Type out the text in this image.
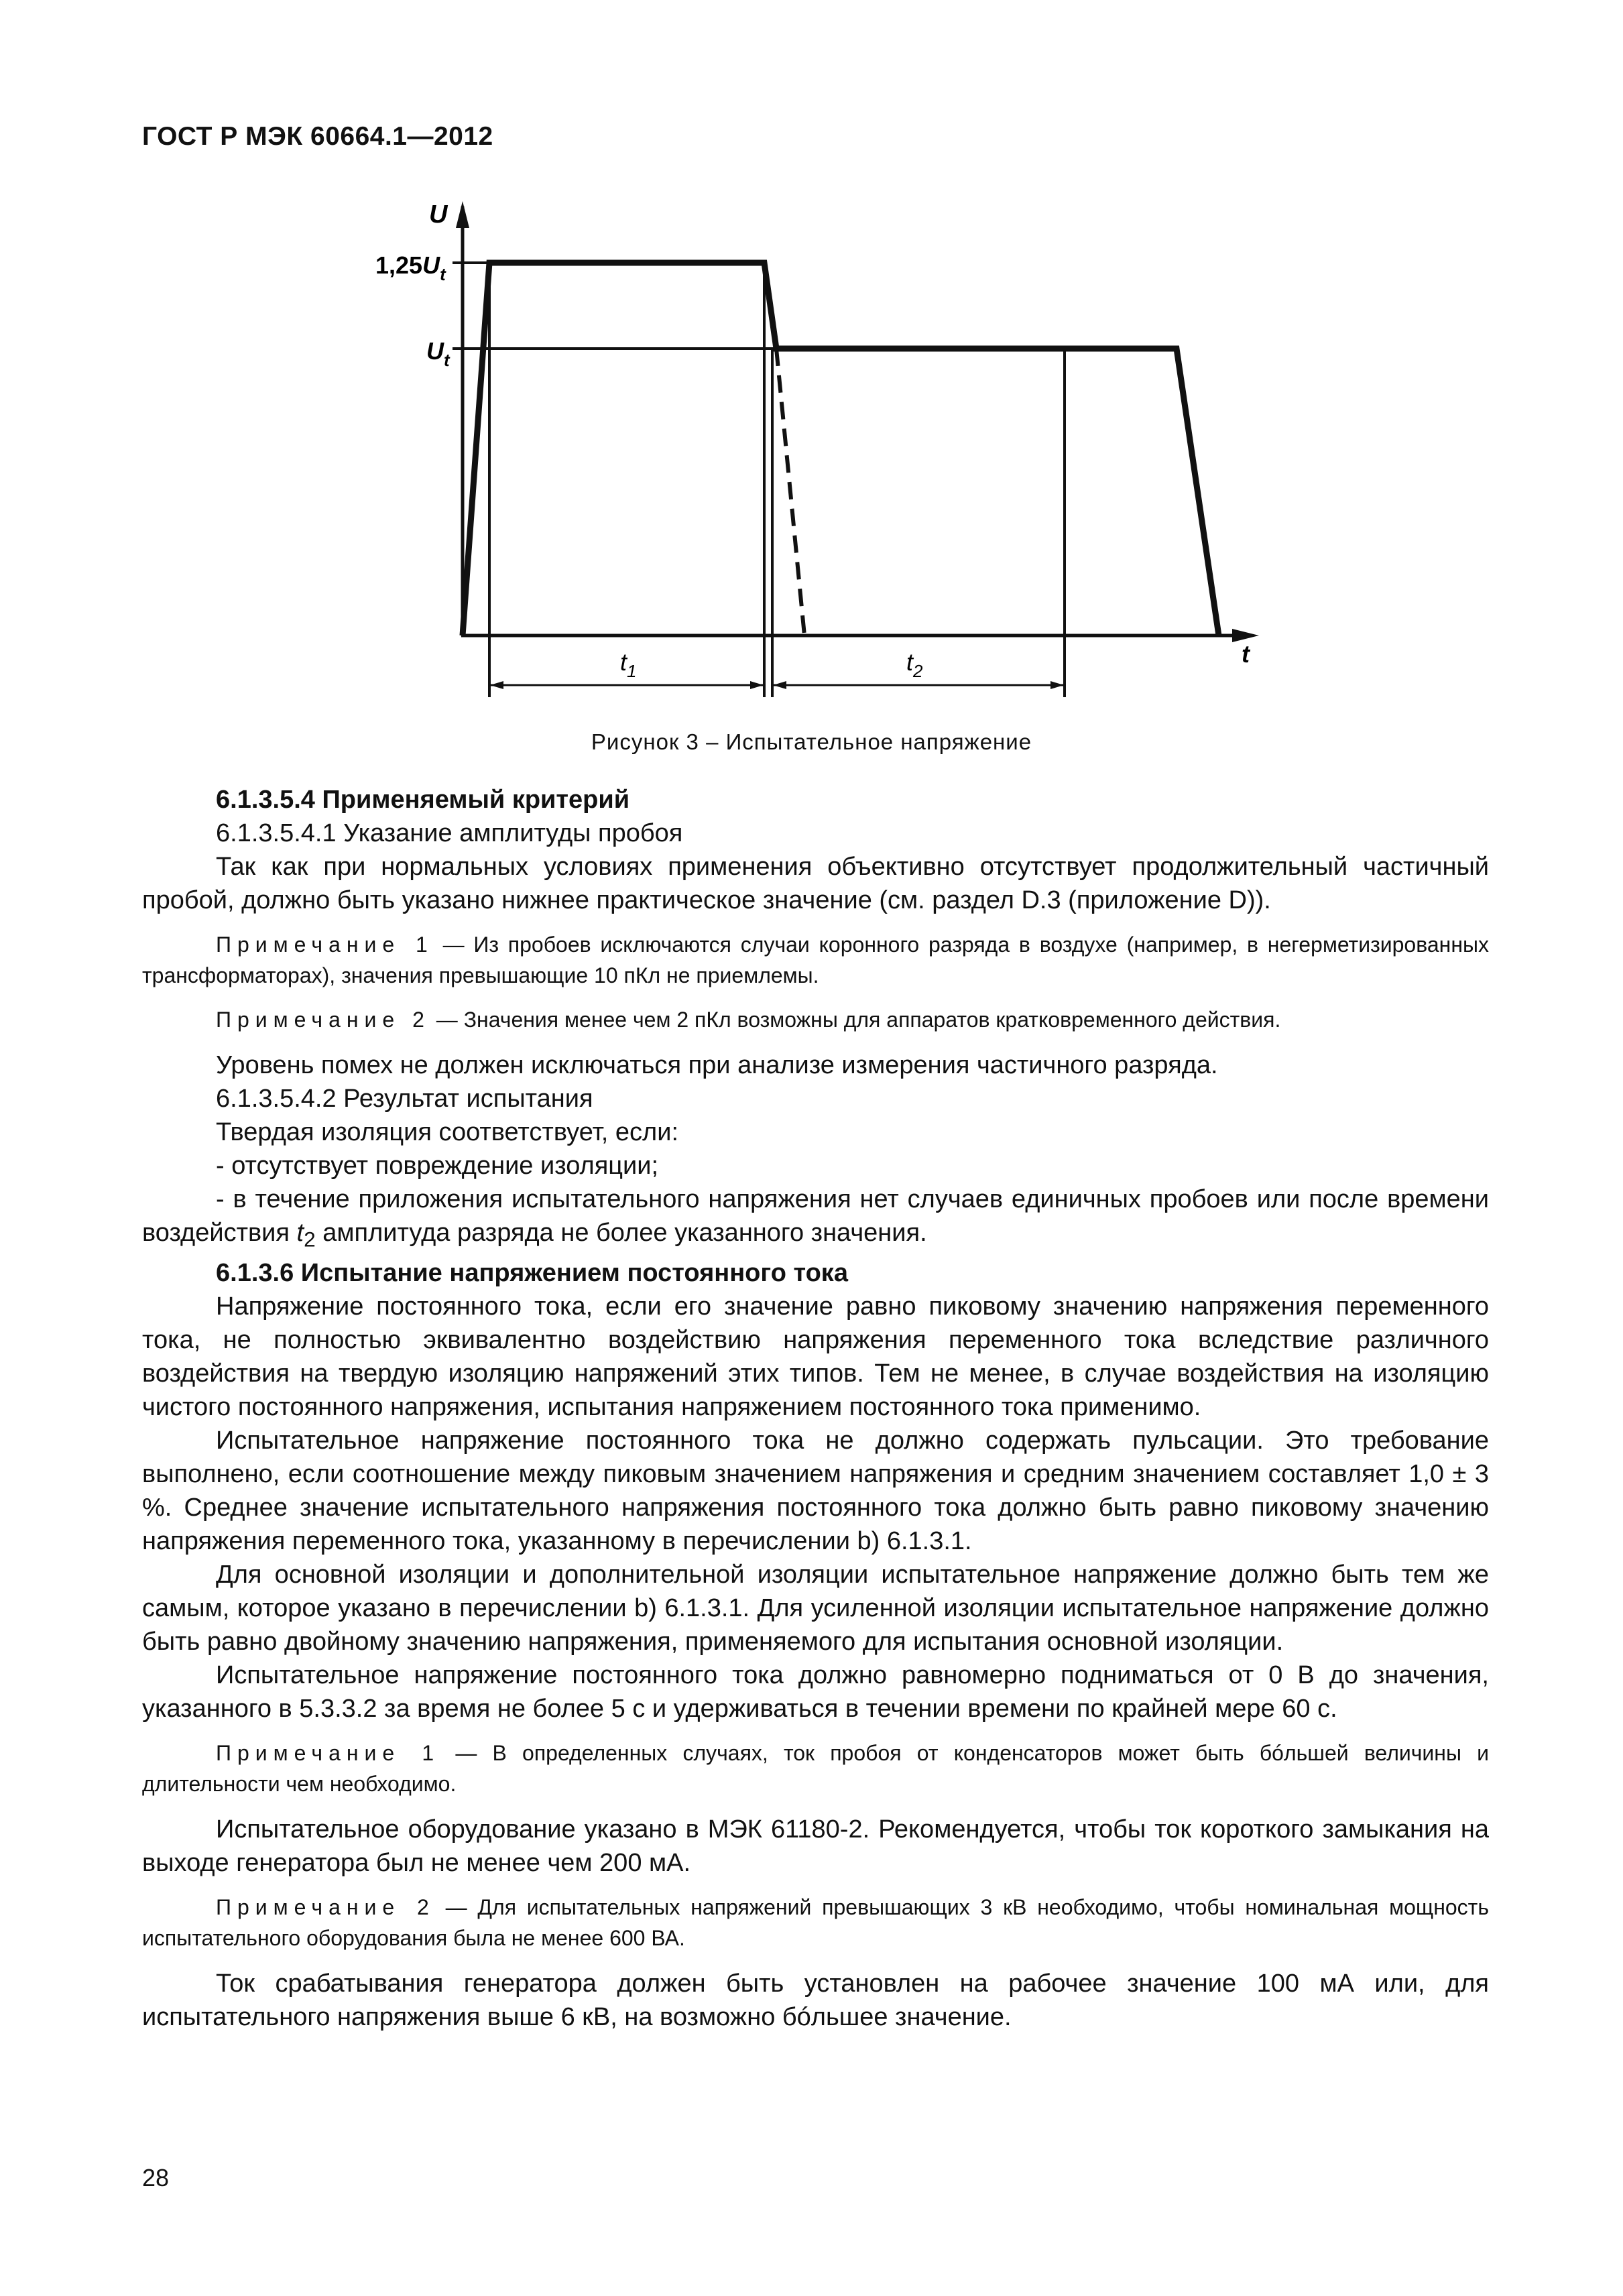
ГОСТ Р МЭК 60664.1—2012
U
$1,25U_t$
$U_t$
$t_1$	$t_2$
t
Рисунок 3 – Испытательное напряжение

6.1.3.5.4 Применяемый критерий

6.1.3.5.4.1 Указание амплитуды пробоя

Так как при нормальных условиях применения объективно отсутствует продолжительный частичный пробой, должно быть указано нижнее практическое значение (см. раздел D.3 (приложение D)).

Примечание 1 — Из пробоев исключаются случаи коронного разряда в воздухе (например, в негерметизированных трансформаторах), значения превышающие 10 пКл не приемлемы.

Примечание 2 — Значения менее чем 2 пКл возможны для аппаратов кратковременного действия.

Уровень помех не должен исключаться при анализе измерения частичного разряда.

6.1.3.5.4.2 Результат испытания

Твердая изоляция соответствует, если:

- отсутствует повреждение изоляции;

- в течение приложения испытательного напряжения нет случаев единичных пробоев или после времени воздействия $t_2$ амплитуда разряда не более указанного значения.

6.1.3.6 Испытание напряжением постоянного тока

Напряжение постоянного тока, если его значение равно пиковому значению напряжения переменного тока, не полностью эквивалентно воздействию напряжения переменного тока вследствие различного воздействия на твердую изоляцию напряжений этих типов. Тем не менее, в случае воздействия на изоляцию чистого постоянного напряжения, испытания напряжением постоянного тока применимо.

Испытательное напряжение постоянного тока не должно содержать пульсации. Это требование выполнено, если соотношение между пиковым значением напряжения и средним значением составляет 1,0 ± 3 %. Среднее значение испытательного напряжения постоянного тока должно быть равно пиковому значению напряжения переменного тока, указанному в перечислении b) 6.1.3.1.

Для основной изоляции и дополнительной изоляции испытательное напряжение должно быть тем же самым, которое указано в перечислении b) 6.1.3.1. Для усиленной изоляции испытательное напряжение должно быть равно двойному значению напряжения, применяемого для испытания основной изоляции.

Испытательное напряжение постоянного тока должно равномерно подниматься от 0 В до значения, указанного в 5.3.3.2 за время не более 5 с и удерживаться в течении времени по крайней мере 60 с.

Примечание 1 — В определенных случаях, ток пробоя от конденсаторов может быть бóльшей величины и длительности чем необходимо.

Испытательное оборудование указано в МЭК 61180-2. Рекомендуется, чтобы ток короткого замыкания на выходе генератора был не менее чем 200 мА.

Примечание 2 — Для испытательных напряжений превышающих 3 кВ необходимо, чтобы номинальная мощность испытательного оборудования была не менее 600 ВА.

Ток срабатывания генератора должен быть установлен на рабочее значение 100 мА или, для испытательного напряжения выше 6 кВ, на возможно бóльшее значение.

28
